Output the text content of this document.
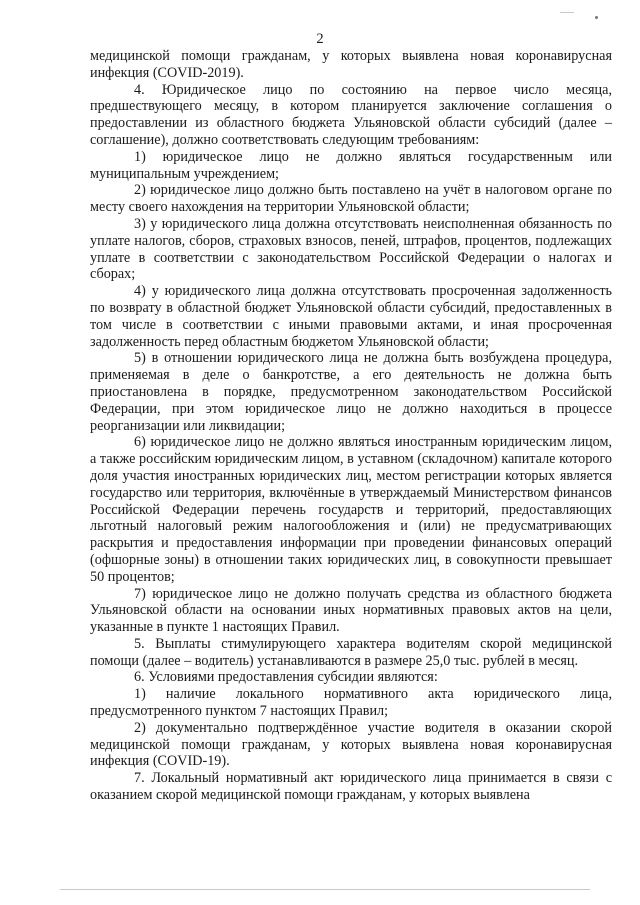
2

медицинской помощи гражданам, у которых выявлена новая коронавирусная инфекция (COVID-2019).

4. Юридическое лицо по состоянию на первое число месяца, предшествующего месяцу, в котором планируется заключение соглашения о предоставлении из областного бюджета Ульяновской области субсидий (далее – соглашение), должно соответствовать следующим требованиям:

1) юридическое лицо не должно являться государственным или муниципальным учреждением;

2) юридическое лицо должно быть поставлено на учёт в налоговом органе по месту своего нахождения на территории Ульяновской области;

3) у юридического лица должна отсутствовать неисполненная обязанность по уплате налогов, сборов, страховых взносов, пеней, штрафов, процентов, подлежащих уплате в соответствии с законодательством Российской Федерации о налогах и сборах;

4) у юридического лица должна отсутствовать просроченная задолженность по возврату в областной бюджет Ульяновской области субсидий, предоставленных в том числе в соответствии с иными правовыми актами, и иная просроченная задолженность перед областным бюджетом Ульяновской области;

5) в отношении юридического лица не должна быть возбуждена процедура, применяемая в деле о банкротстве, а его деятельность не должна быть приостановлена в порядке, предусмотренном законодательством Российской Федерации, при этом юридическое лицо не должно находиться в процессе реорганизации или ликвидации;

6) юридическое лицо не должно являться иностранным юридическим лицом, а также российским юридическим лицом, в уставном (складочном) капитале которого доля участия иностранных юридических лиц, местом регистрации которых является государство или территория, включённые в утверждаемый Министерством финансов Российской Федерации перечень государств и территорий, предоставляющих льготный налоговый режим налогообложения и (или) не предусматривающих раскрытия и предоставления информации при проведении финансовых операций (офшорные зоны) в отношении таких юридических лиц, в совокупности превышает 50 процентов;

7) юридическое лицо не должно получать средства из областного бюджета Ульяновской области на основании иных нормативных правовых актов на цели, указанные в пункте 1 настоящих Правил.

5. Выплаты стимулирующего характера водителям скорой медицинской помощи (далее – водитель) устанавливаются в размере 25,0 тыс. рублей в месяц.

6. Условиями предоставления субсидии являются:

1) наличие локального нормативного акта юридического лица, предусмотренного пунктом 7 настоящих Правил;

2) документально подтверждённое участие водителя в оказании скорой медицинской помощи гражданам, у которых выявлена новая коронавирусная инфекция (COVID-19).

7. Локальный нормативный акт юридического лица принимается в связи с оказанием скорой медицинской помощи гражданам, у которых выявлена
